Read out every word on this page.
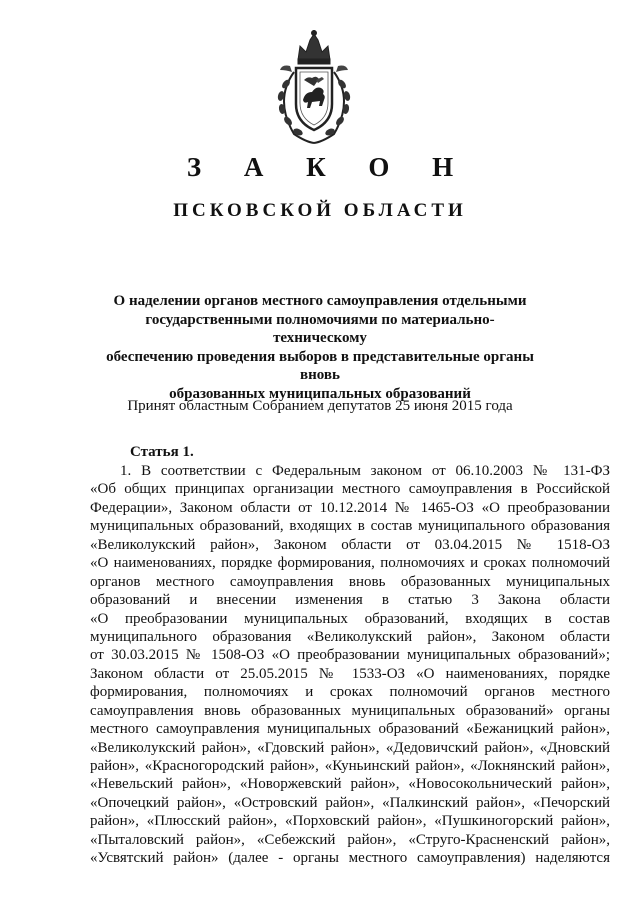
З А К О Н
ПСКОВСКОЙ ОБЛАСТИ
О наделении органов местного самоуправления отдельными
государственными полномочиями по материально-техническому
обеспечению проведения выборов в представительные органы вновь
образованных муниципальных образований
Принят областным Собранием депутатов 25 июня 2015 года
Статья 1.
1. В соответствии с Федеральным законом от 06.10.2003 № 131-ФЗ
«Об общих принципах организации местного самоуправления в Российской
Федерации», Законом области от 10.12.2014 № 1465-ОЗ «О преобразовании
муниципальных образований, входящих в состав муниципального образования
«Великолукский район», Законом области от 03.04.2015 № 1518-ОЗ
«О наименованиях, порядке формирования, полномочиях и сроках полномочий
органов местного самоуправления вновь образованных муниципальных
образований и внесении изменения в статью 3 Закона области
«О преобразовании муниципальных образований, входящих в состав
муниципального образования «Великолукский район», Законом области
от 30.03.2015 № 1508-ОЗ «О преобразовании муниципальных образований»;
Законом области от 25.05.2015 № 1533-ОЗ «О наименованиях, порядке
формирования, полномочиях и сроках полномочий органов местного
самоуправления вновь образованных муниципальных образований» органы
местного самоуправления муниципальных образований «Бежаницкий район»,
«Великолукский район», «Гдовский район», «Дедовичский район», «Дновский
район», «Красногородский район», «Куньинский район», «Локнянский район»,
«Невельский район», «Новоржевский район», «Новосокольнический район»,
«Опочецкий район», «Островский район», «Палкинский район», «Печорский
район», «Плюсский район», «Порховский район», «Пушкиногорский район»,
«Пыталовский район», «Себежский район», «Струго-Красненский район»,
«Усвятский район» (далее - органы местного самоуправления) наделяются
